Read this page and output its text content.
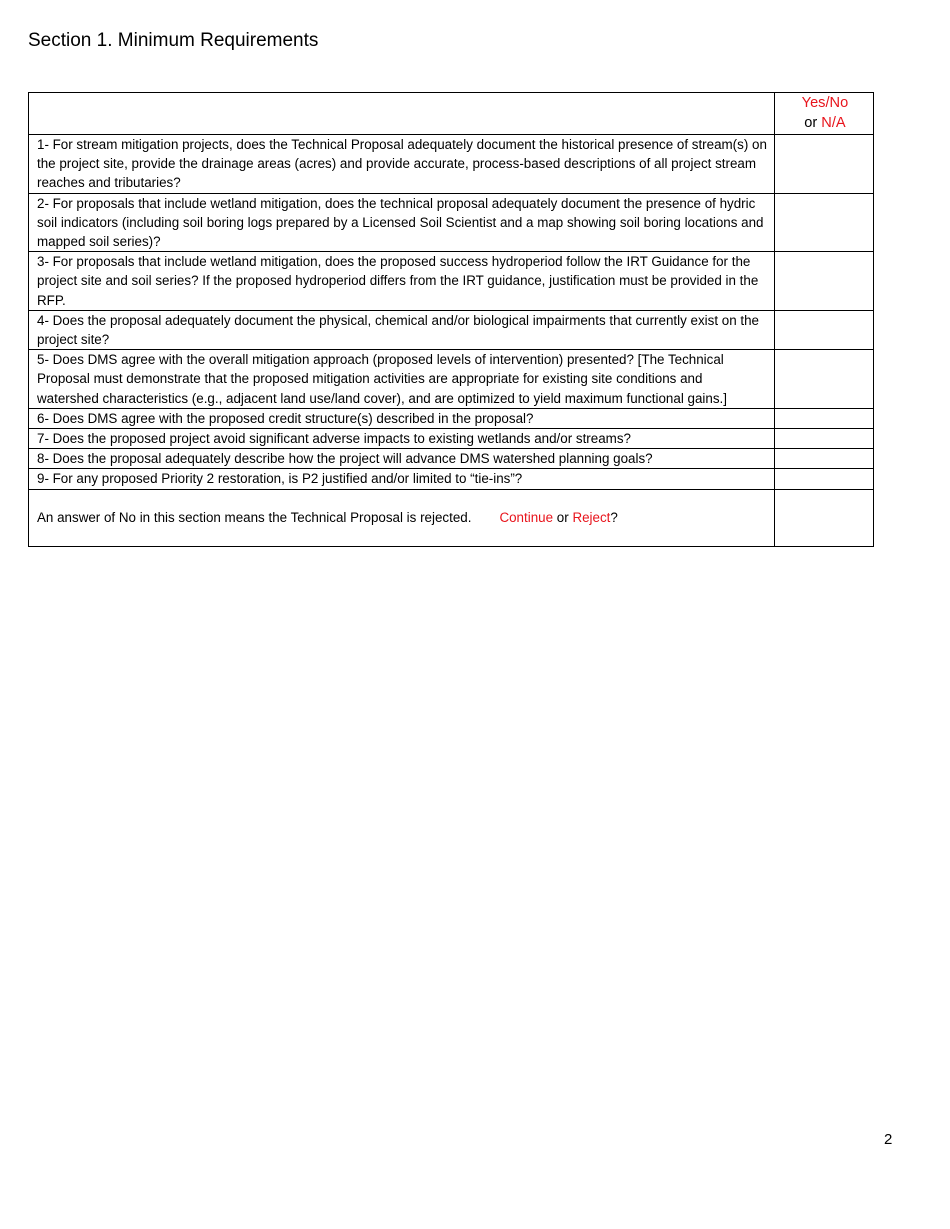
Section 1. Minimum Requirements
	Yes/No
or N/A
1- For stream mitigation projects, does the Technical Proposal adequately document the historical presence of stream(s) on the project site, provide the drainage areas (acres) and provide accurate, process-based descriptions of all project stream reaches and tributaries?	
2- For proposals that include wetland mitigation, does the technical proposal adequately document the presence of hydric soil indicators (including soil boring logs prepared by a Licensed Soil Scientist and a map showing soil boring locations and mapped soil series)?	
3- For proposals that include wetland mitigation, does the proposed success hydroperiod follow the IRT Guidance for the project site and soil series? If the proposed hydroperiod differs from the IRT guidance, justification must be provided in the RFP.	
4- Does the proposal adequately document the physical, chemical and/or biological impairments that currently exist on the project site?	
5- Does DMS agree with the overall mitigation approach (proposed levels of intervention) presented? [The Technical Proposal must demonstrate that the proposed mitigation activities are appropriate for existing site conditions and watershed characteristics (e.g., adjacent land use/land cover), and are optimized to yield maximum functional gains.]	
6- Does DMS agree with the proposed credit structure(s) described in the proposal?	
7- Does the proposed project avoid significant adverse impacts to existing wetlands and/or streams?	
8- Does the proposal adequately describe how the project will advance DMS watershed planning goals?	
9- For any proposed Priority 2 restoration, is P2 justified and/or limited to “tie-ins”?	
An answer of No in this section means the Technical Proposal is rejected. Continue or Reject?	
2
